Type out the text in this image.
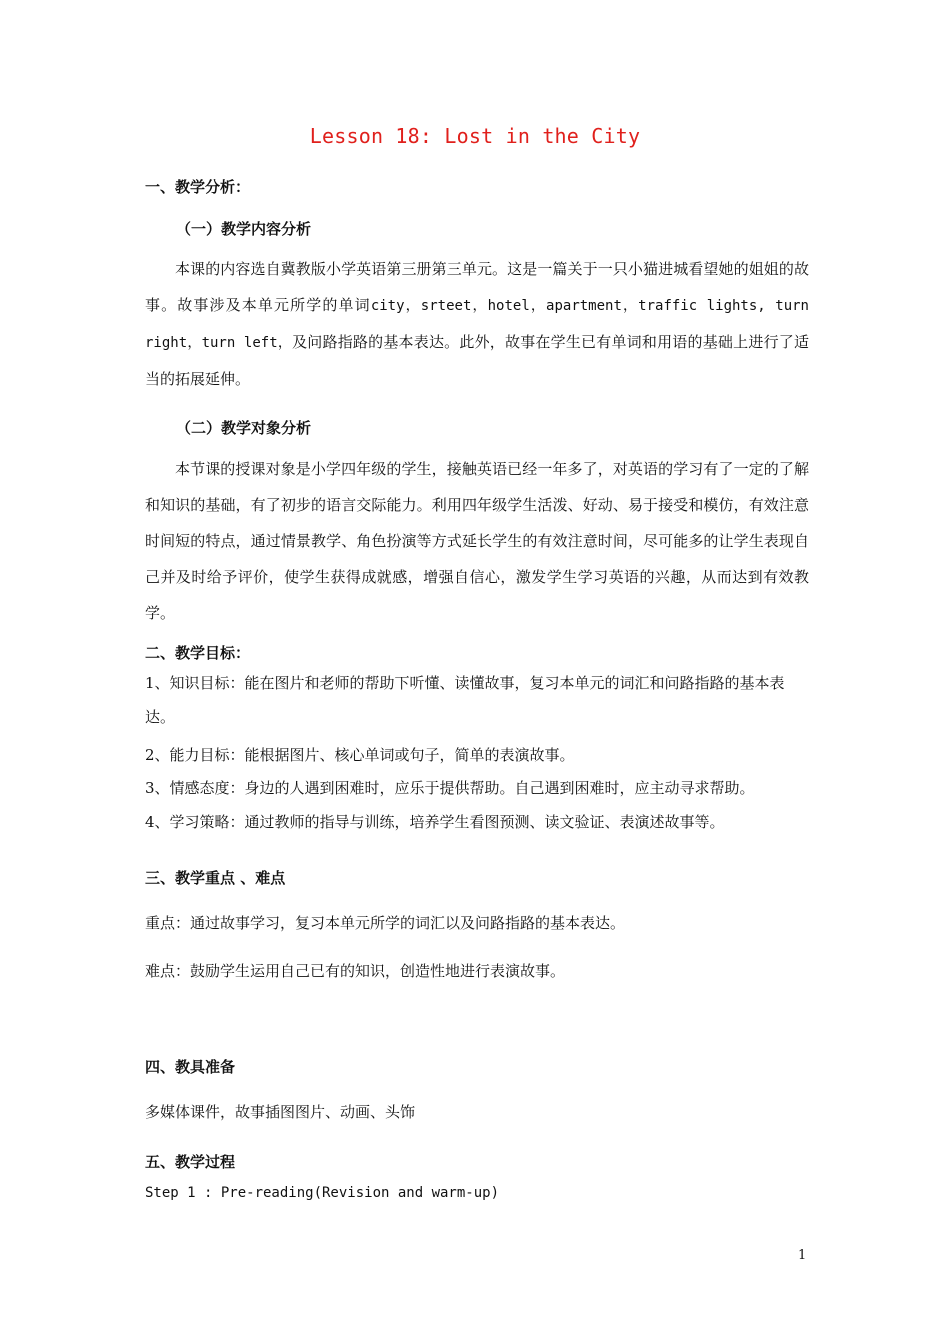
Lesson 18: Lost in the City
一、教学分析：
（一）教学内容分析
本课的内容选自冀教版小学英语第三册第三单元。这是一篇关于一只小猫进城看望她的姐姐的故事。故事涉及本单元所学的单词city，srteet，hotel，apartment，traffic lights, turn right，turn left，及问路指路的基本表达。此外，故事在学生已有单词和用语的基础上进行了适当的拓展延伸。
（二）教学对象分析
本节课的授课对象是小学四年级的学生，接触英语已经一年多了，对英语的学习有了一定的了解和知识的基础，有了初步的语言交际能力。利用四年级学生活泼、好动、易于接受和模仿，有效注意时间短的特点，通过情景教学、角色扮演等方式延长学生的有效注意时间，尽可能多的让学生表现自己并及时给予评价，使学生获得成就感，增强自信心，激发学生学习英语的兴趣，从而达到有效教学。
二、教学目标：
1、知识目标：能在图片和老师的帮助下听懂、读懂故事，复习本单元的词汇和问路指路的基本表达。
2、能力目标：能根据图片、核心单词或句子，简单的表演故事。
3、情感态度：身边的人遇到困难时，应乐于提供帮助。自己遇到困难时，应主动寻求帮助。
4、学习策略：通过教师的指导与训练，培养学生看图预测、读文验证、表演述故事等。
三、教学重点 、难点
重点：通过故事学习，复习本单元所学的词汇以及问路指路的基本表达。
难点：鼓励学生运用自己已有的知识，创造性地进行表演故事。
四、教具准备
多媒体课件，故事插图图片、动画、头饰
五、教学过程
Step 1 : Pre-reading(Revision and warm-up)
1
